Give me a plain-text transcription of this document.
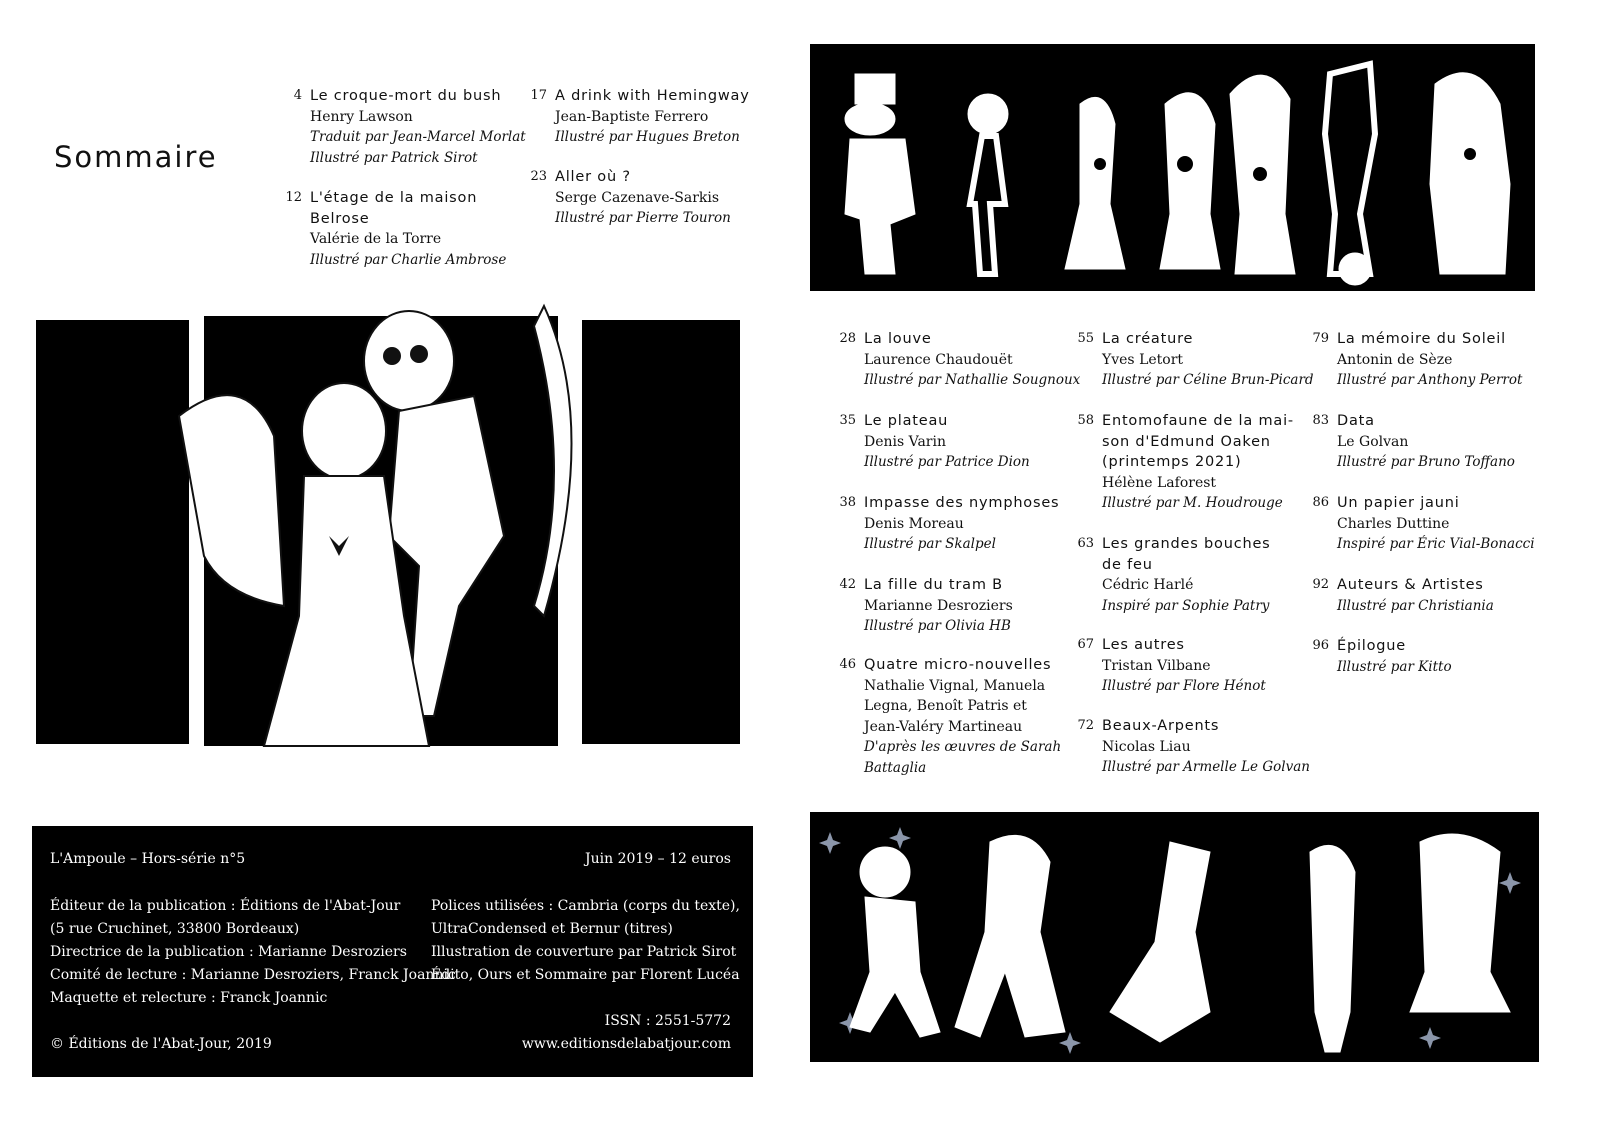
Sommaire
4 Le croque-mort du bush
Henry Lawson
Traduit par Jean-Marcel Morlat
Illustré par Patrick Sirot
12 L'étage de la maison
Belrose
Valérie de la Torre
Illustré par Charlie Ambrose
17 A drink with Hemingway
Jean-Baptiste Ferrero
Illustré par Hugues Breton
23 Aller où ?
Serge Cazenave-Sarkis
Illustré par Pierre Touron
28 La louve
Laurence Chaudouët
Illustré par Nathallie Sougnoux
35 Le plateau
Denis Varin
Illustré par Patrice Dion
38 Impasse des nymphoses
Denis Moreau
Illustré par Skalpel
42 La fille du tram B
Marianne Desroziers
Illustré par Olivia HB
46 Quatre micro-nouvelles
Nathalie Vignal, Manuela
Legna, Benoît Patris et
Jean-Valéry Martineau
D'après les œuvres de Sarah
Battaglia
55 La créature
Yves Letort
Illustré par Céline Brun-Picard
58 Entomofaune de la mai-
son d'Edmund Oaken
(printemps 2021)
Hélène Laforest
Illustré par M. Houdrouge
63 Les grandes bouches
de feu
Cédric Harlé
Inspiré par Sophie Patry
67 Les autres
Tristan Vilbane
Illustré par Flore Hénot
72 Beaux-Arpents
Nicolas Liau
Illustré par Armelle Le Golvan
79 La mémoire du Soleil
Antonin de Sèze
Illustré par Anthony Perrot
83 Data
Le Golvan
Illustré par Bruno Toffano
86 Un papier jauni
Charles Duttine
Inspiré par Éric Vial-Bonacci
92 Auteurs & Artistes
Illustré par Christiania
96 Épilogue
Illustré par Kitto
L'Ampoule – Hors-série n°5	Juin 2019 – 12 euros
Éditeur de la publication : Éditions de l'Abat-Jour
(5 rue Cruchinet, 33800 Bordeaux)
Directrice de la publication : Marianne Desroziers
Comité de lecture : Marianne Desroziers, Franck Joannic
Maquette et relecture : Franck Joannic
Polices utilisées : Cambria (corps du texte),
UltraCondensed et Bernur (titres)
Illustration de couverture par Patrick Sirot
Édito, Ours et Sommaire par Florent Lucéa
ISSN : 2551-5772
© Éditions de l'Abat-Jour, 2019	www.editionsdelabatjour.com
